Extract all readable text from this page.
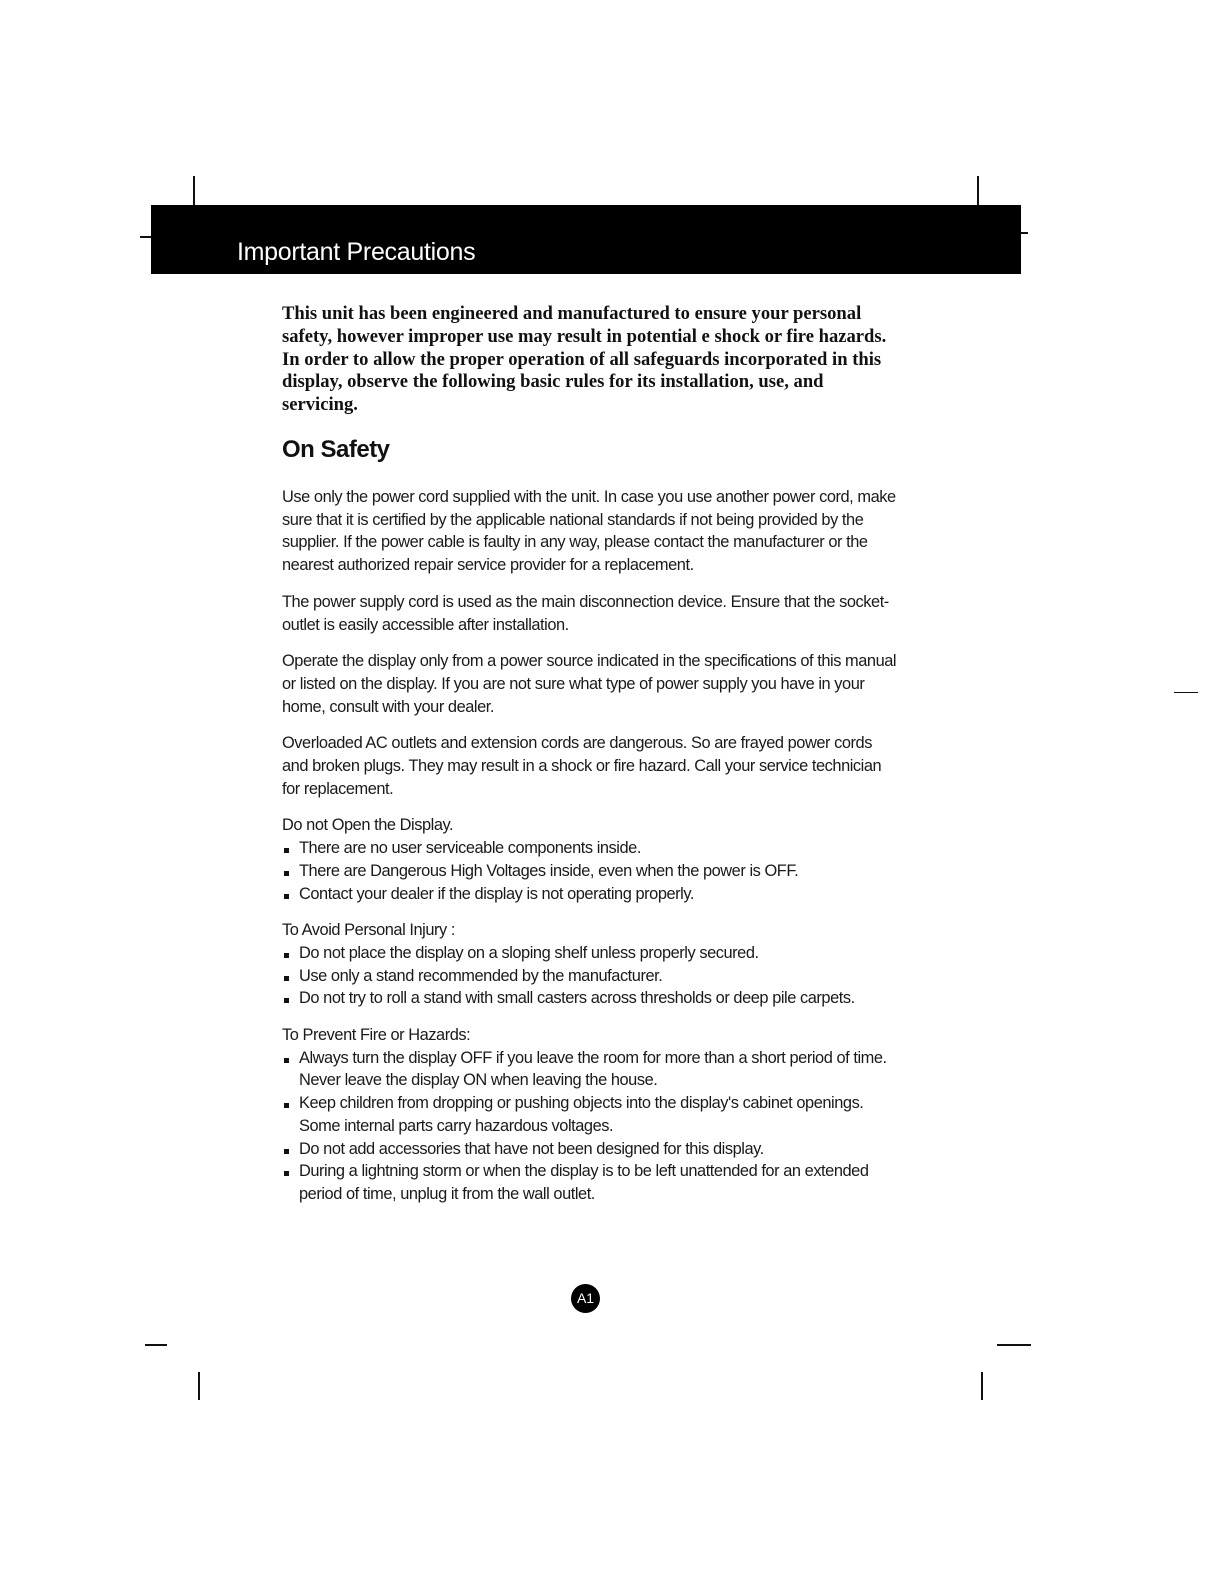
Important Precautions

This unit has been engineered and manufactured to ensure your personal safety, however improper use may result in potential e shock or fire hazards. In order to allow the proper operation of all safeguards incorporated in this display, observe the following basic rules for its installation, use, and servicing.

On Safety

Use only the power cord supplied with the unit. In case you use another power cord, make sure that it is certified by the applicable national standards if not being provided by the supplier. If the power cable is faulty in any way, please contact the manufacturer or the nearest authorized repair service provider for a replacement.

The power supply cord is used as the main disconnection device. Ensure that the socket-outlet is easily accessible after installation.

Operate the display only from a power source indicated in the specifications of this manual or listed on the display. If you are not sure what type of power supply you have in your home, consult with your dealer.

Overloaded AC outlets and extension cords are dangerous. So are frayed power cords and broken plugs. They may result in a shock or fire hazard. Call your service technician for replacement.

Do not Open the Display.

There are no user serviceable components inside.
There are Dangerous High Voltages inside, even when the power is OFF.
Contact your dealer if the display is not operating properly.

To Avoid Personal Injury :

Do not place the display on a sloping shelf unless properly secured.
Use only a stand recommended by the manufacturer.
Do not try to roll a stand with small casters across thresholds or deep pile carpets.

To Prevent Fire or Hazards:

Always turn the display OFF if you leave the room for more than a short period of time. Never leave the display ON when leaving the house.
Keep children from dropping or pushing objects into the display's cabinet openings. Some internal parts carry hazardous voltages.
Do not add accessories that have not been designed for this display.
During a lightning storm or when the display is to be left unattended for an extended period of time, unplug it from the wall outlet.
A1
